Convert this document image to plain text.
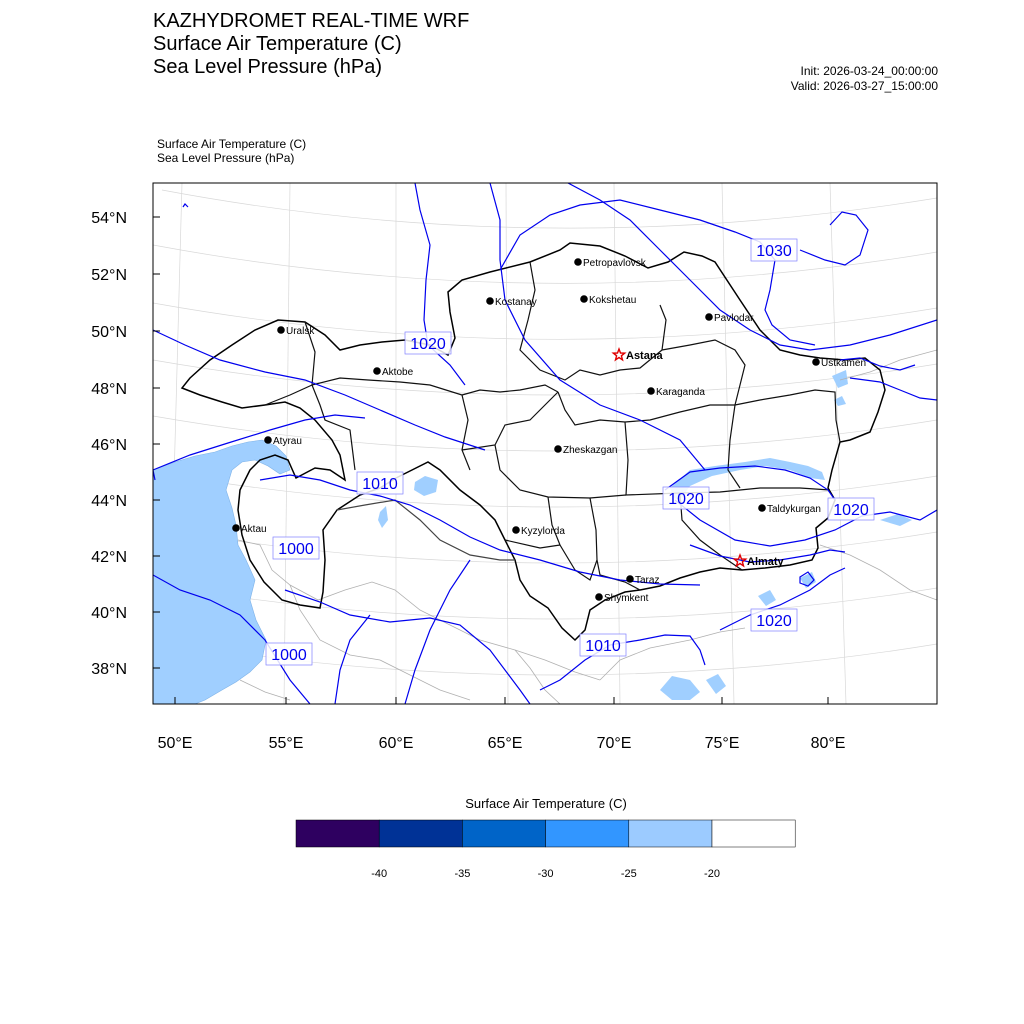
KAZHYDROMET REAL-TIME WRF
Surface Air Temperature (C)
Sea Level Pressure (hPa)	Init: 2026-03-24_00:00:00
Valid: 2026-03-27_15:00:00
Surface Air Temperature (C)
Sea Level Pressure (hPa)
1030
1020
1010
1000
1020
1020
1020
1010
1000
Petropavlovsk
Kostanay	Kokshetau
Pavlodar
Uralsk
Astana
Ustkamen
Aktobe
Karaganda
Atyrau
Zheskazgan
Taldykurgan
Kyzylorda
Aktau
Almaty
Taraz
Shymkent
54°N
52°N
50°N
48°N
46°N
44°N
42°N
40°N
38°N
50°E	55°E	60°E	65°E	70°E	75°E	80°E
Surface Air Temperature (C)
-40	-35	-30	-25	-20
